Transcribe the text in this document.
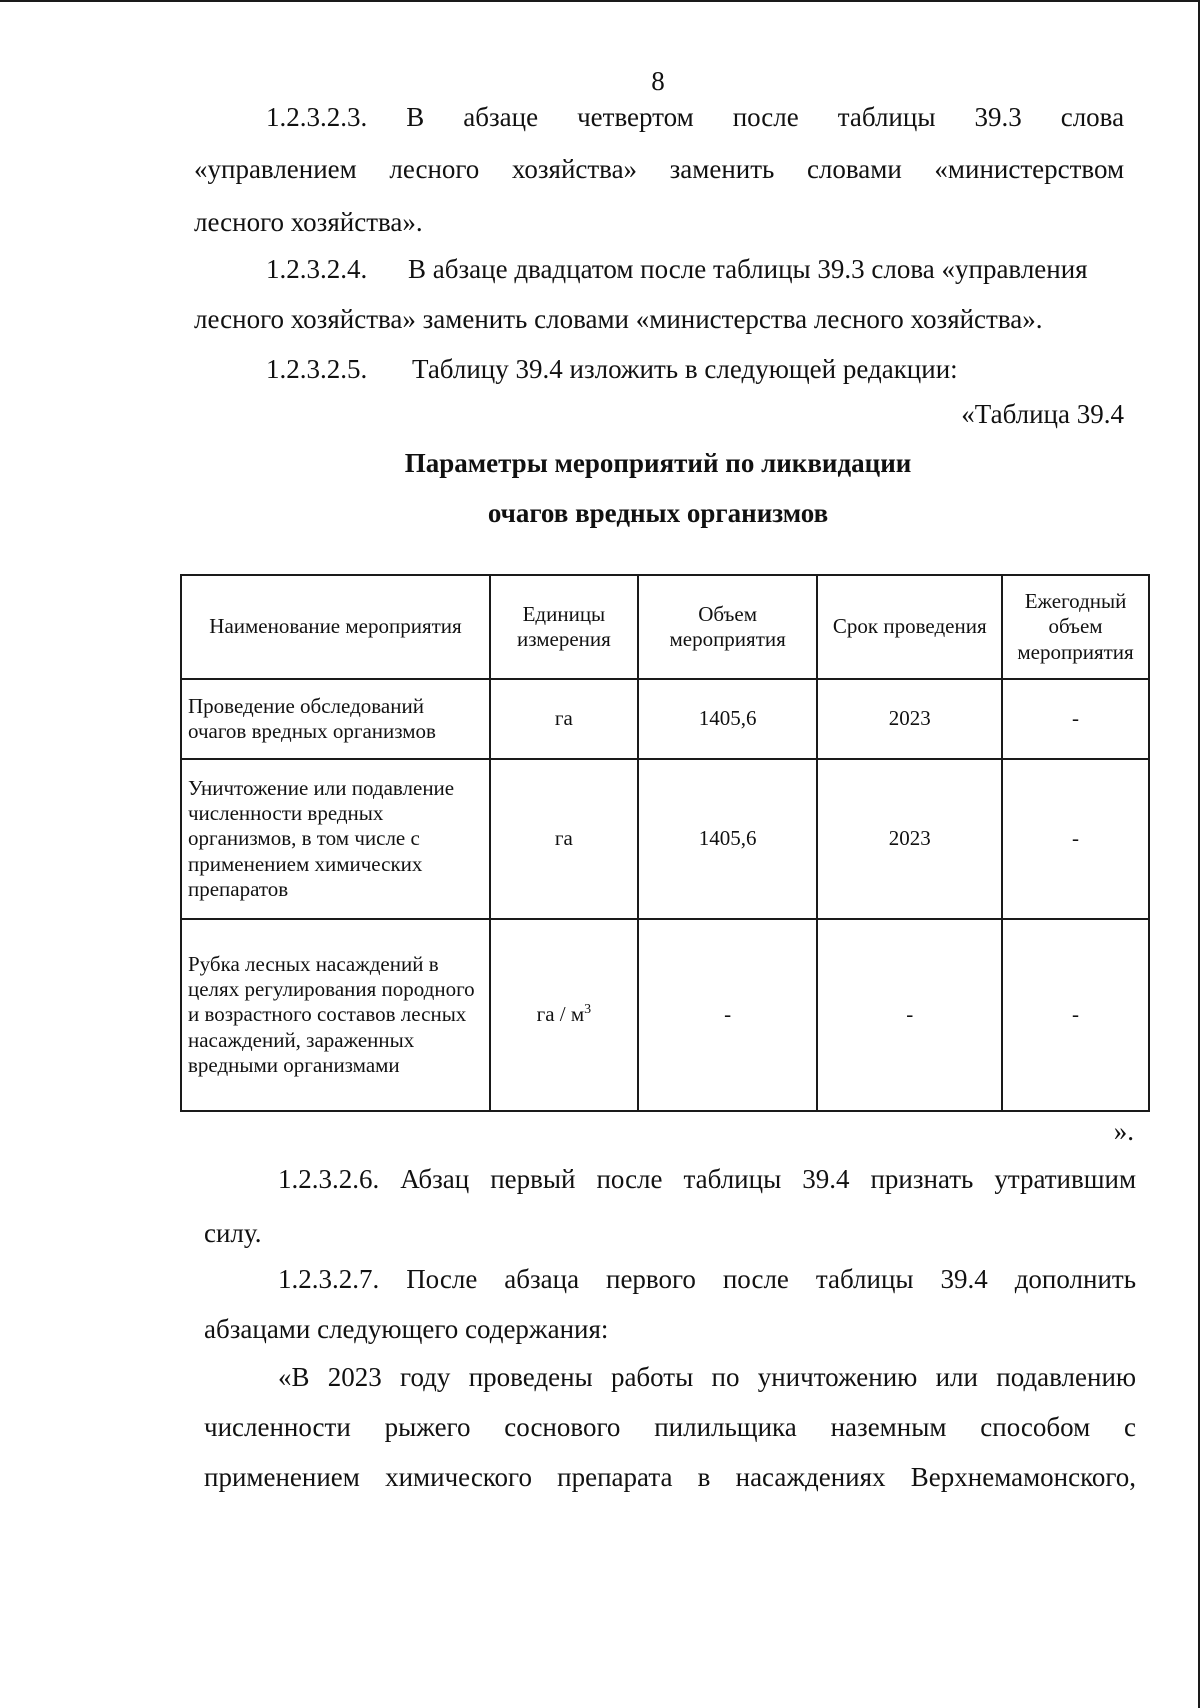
8
1.2.3.2.3. В абзаце четвертом после таблицы 39.3 слова
«управлением лесного хозяйства» заменить словами «министерством
лесного хозяйства».
1.2.3.2.4. В абзаце двадцатом после таблицы 39.3 слова «управления
лесного хозяйства» заменить словами «министерства лесного хозяйства».
1.2.3.2.5. Таблицу 39.4 изложить в следующей редакции:
«Таблица 39.4
Параметры мероприятий по ликвидации
очагов вредных организмов
Наименование мероприятия	Единицы измерения	Объем мероприятия	Срок проведения	Ежегодный объем мероприятия
Проведение обследований очагов вредных организмов	га	1405,6	2023	-
Уничтожение или подавление численности вредных организмов, в том числе с применением химических препаратов	га	1405,6	2023	-
Рубка лесных насаждений в целях регулирования породного и возрастного составов лесных насаждений, зараженных вредными организмами	га / $м^3$	-	-	-
».
1.2.3.2.6. Абзац первый после таблицы 39.4 признать утратившим
силу.
1.2.3.2.7. После абзаца первого после таблицы 39.4 дополнить
абзацами следующего содержания:
«В 2023 году проведены работы по уничтожению или подавлению
численности рыжего соснового пилильщика наземным способом с
применением химического препарата в насаждениях Верхнемамонского,
